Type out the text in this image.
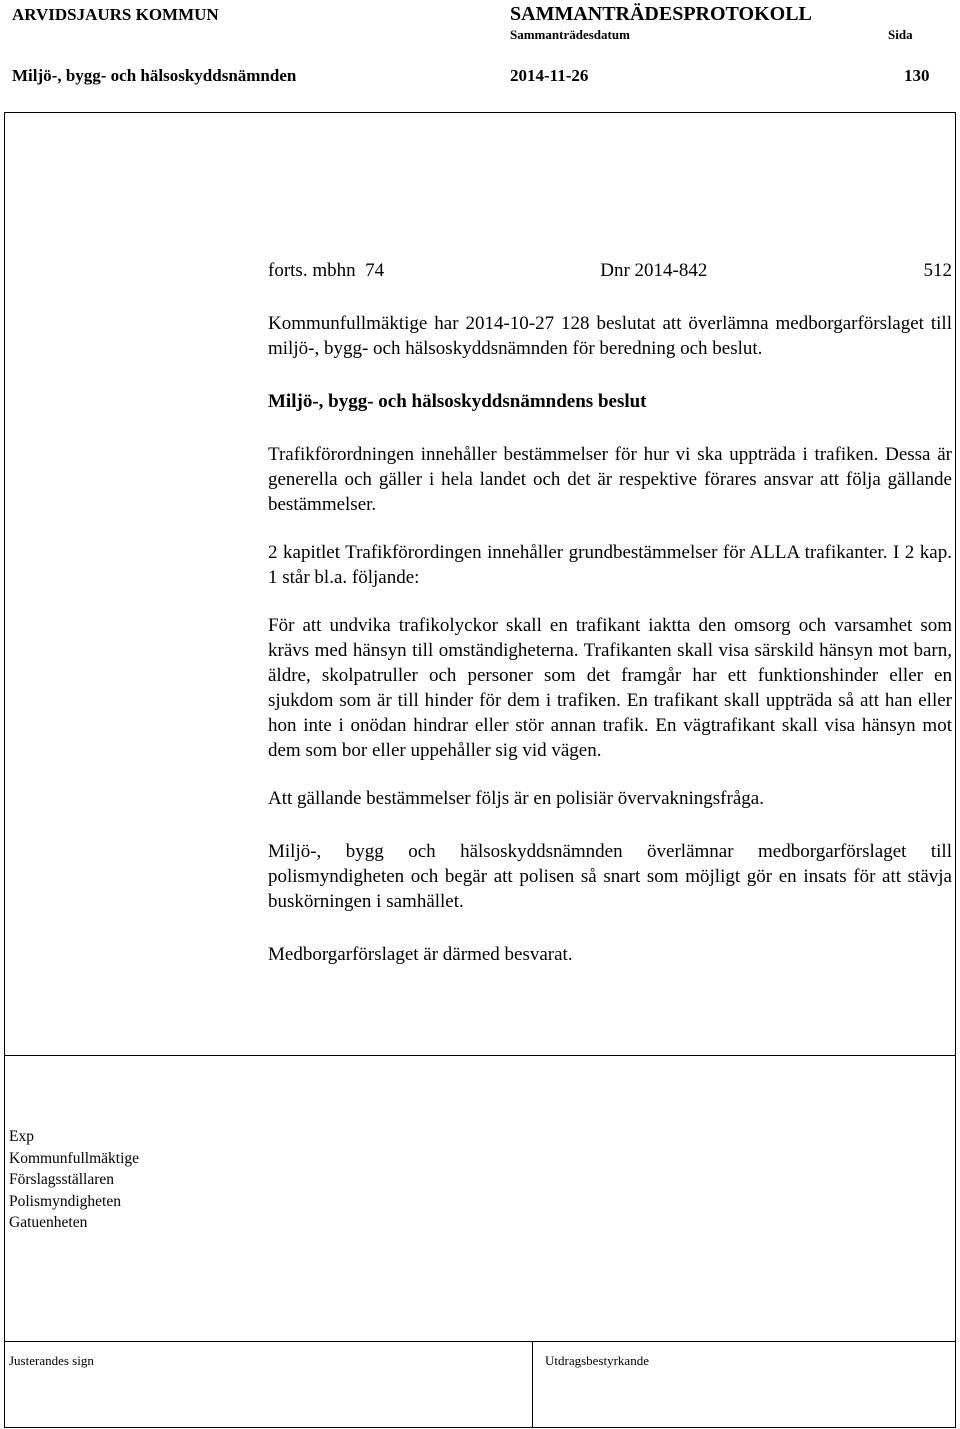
ARVIDSJAURS KOMMUN	SAMMANTRÄDESPROTOKOLL
Sammanträdesdatum	Sida
Miljö-, bygg- och hälsoskyddsnämnden	2014-11-26	130
forts. mbhn  74	Dnr 2014-842	512

Kommunfullmäktige har 2014-10-27 128 beslutat att överlämna medborgarförslaget till miljö-, bygg- och hälsoskyddsnämnden för beredning och beslut.

Miljö-, bygg- och hälsoskyddsnämndens beslut

Trafikförordningen innehåller bestämmelser för hur vi ska uppträda i trafiken. Dessa är generella och gäller i hela landet och det är respektive förares ansvar att följa gällande bestämmelser.

2 kapitlet Trafikförordingen innehåller grundbestämmelser för ALLA trafikanter. I 2 kap. 1 står bl.a. följande:

För att undvika trafikolyckor skall en trafikant iaktta den omsorg och varsamhet som krävs med hänsyn till omständigheterna. Trafikanten skall visa särskild hänsyn mot barn, äldre, skolpatruller och personer som det framgår har ett funktionshinder eller en sjukdom som är till hinder för dem i trafiken. En trafikant skall uppträda så att han eller hon inte i onödan hindrar eller stör annan trafik. En vägtrafikant skall visa hänsyn mot dem som bor eller uppehåller sig vid vägen.

Att gällande bestämmelser följs är en polisiär övervakningsfråga.

Miljö-, bygg och hälsoskyddsnämnden överlämnar medborgarförslaget till polismyndigheten och begär att polisen så snart som möjligt gör en insats för att stävja buskörningen i samhället.

Medborgarförslaget är därmed besvarat.

Exp
Kommunfullmäktige
Förslagsställaren
Polismyndigheten
Gatuenheten
Justerandes sign	Utdragsbestyrkande
